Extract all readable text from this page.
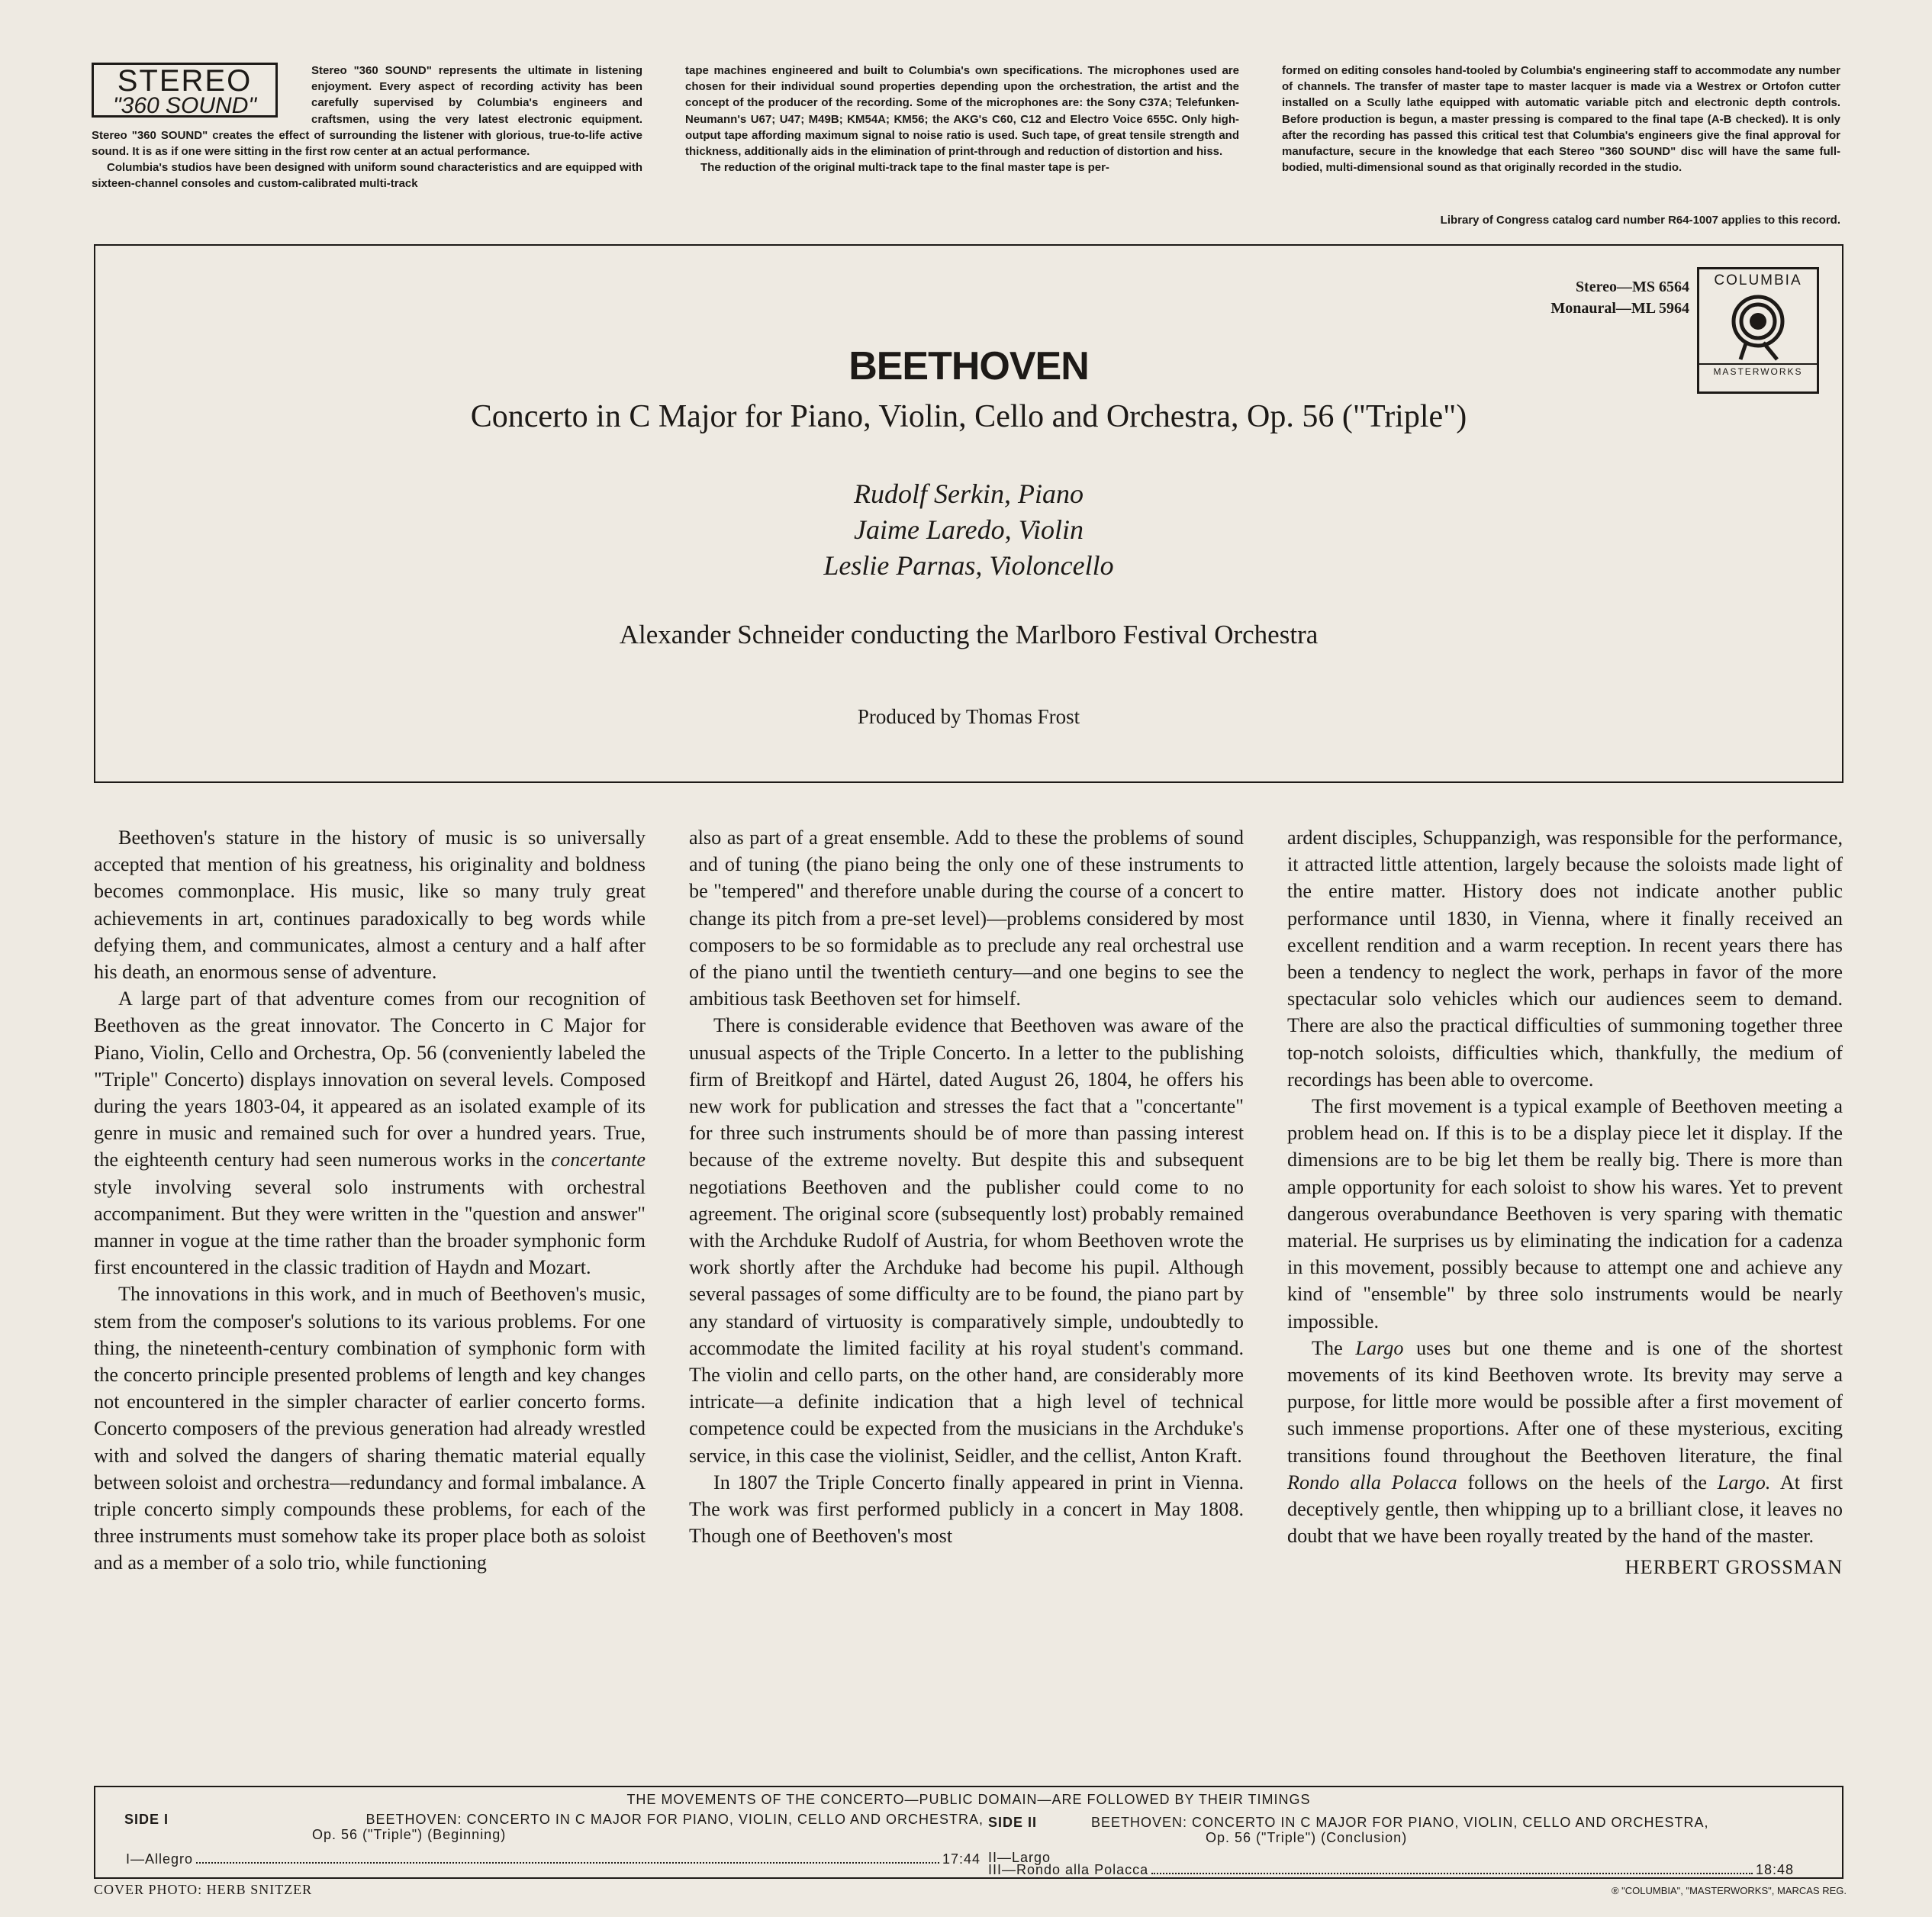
STEREO
"360 SOUND"

Stereo "360 SOUND" represents the ultimate in listening enjoyment. Every aspect of recording activity has been carefully supervised by Columbia's engineers and craftsmen, using the very latest electronic equipment. Stereo "360 SOUND" creates the effect of surrounding the listener with glorious, true-to-life active sound. It is as if one were sitting in the first row center at an actual performance.

Columbia's studios have been designed with uniform sound characteristics and are equipped with sixteen-channel consoles and custom-calibrated multi-track

tape machines engineered and built to Columbia's own specifications. The microphones used are chosen for their individual sound properties depending upon the orchestration, the artist and the concept of the producer of the recording. Some of the microphones are: the Sony C37A; Telefunken-Neumann's U67; U47; M49B; KM54A; KM56; the AKG's C60, C12 and Electro Voice 655C. Only high-output tape affording maximum signal to noise ratio is used. Such tape, of great tensile strength and thickness, additionally aids in the elimination of print-through and reduction of distortion and hiss.

The reduction of the original multi-track tape to the final master tape is per-

formed on editing consoles hand-tooled by Columbia's engineering staff to accommodate any number of channels. The transfer of master tape to master lacquer is made via a Westrex or Ortofon cutter installed on a Scully lathe equipped with automatic variable pitch and electronic depth controls. Before production is begun, a master pressing is compared to the final tape (A-B checked). It is only after the recording has passed this critical test that Columbia's engineers give the final approval for manufacture, secure in the knowledge that each Stereo "360 SOUND" disc will have the same full-bodied, multi-dimensional sound as that originally recorded in the studio.

Library of Congress catalog card number R64-1007 applies to this record.
Stereo—MS 6564
Monaural—ML 5964
COLUMBIA
MASTERWORKS
BEETHOVEN
Concerto in C Major for Piano, Violin, Cello and Orchestra, Op. 56 ("Triple")
Rudolf Serkin, Piano
Jaime Laredo, Violin
Leslie Parnas, Violoncello
Alexander Schneider conducting the Marlboro Festival Orchestra
Produced by Thomas Frost

Beethoven's stature in the history of music is so universally accepted that mention of his greatness, his originality and boldness becomes commonplace. His music, like so many truly great achievements in art, continues paradoxically to beg words while defying them, and communicates, almost a century and a half after his death, an enormous sense of adventure.

A large part of that adventure comes from our recognition of Beethoven as the great innovator. The Concerto in C Major for Piano, Violin, Cello and Orchestra, Op. 56 (conveniently labeled the "Triple" Concerto) displays innovation on several levels. Composed during the years 1803-04, it appeared as an isolated example of its genre in music and remained such for over a hundred years. True, the eighteenth century had seen numerous works in the concertante style involving several solo instruments with orchestral accompaniment. But they were written in the "question and answer" manner in vogue at the time rather than the broader symphonic form first encountered in the classic tradition of Haydn and Mozart.

The innovations in this work, and in much of Beethoven's music, stem from the composer's solutions to its various problems. For one thing, the nineteenth-century combination of symphonic form with the concerto principle presented problems of length and key changes not encountered in the simpler character of earlier concerto forms. Concerto composers of the previous generation had already wrestled with and solved the dangers of sharing thematic material equally between soloist and orchestra—redundancy and formal imbalance. A triple concerto simply compounds these problems, for each of the three instruments must somehow take its proper place both as soloist and as a member of a solo trio, while functioning

also as part of a great ensemble. Add to these the problems of sound and of tuning (the piano being the only one of these instruments to be "tempered" and therefore unable during the course of a concert to change its pitch from a pre-set level)—problems considered by most composers to be so formidable as to preclude any real orchestral use of the piano until the twentieth century—and one begins to see the ambitious task Beethoven set for himself.

There is considerable evidence that Beethoven was aware of the unusual aspects of the Triple Concerto. In a letter to the publishing firm of Breitkopf and Härtel, dated August 26, 1804, he offers his new work for publication and stresses the fact that a "concertante" for three such instruments should be of more than passing interest because of the extreme novelty. But despite this and subsequent negotiations Beethoven and the publisher could come to no agreement. The original score (subsequently lost) probably remained with the Archduke Rudolf of Austria, for whom Beethoven wrote the work shortly after the Archduke had become his pupil. Although several passages of some difficulty are to be found, the piano part by any standard of virtuosity is comparatively simple, undoubtedly to accommodate the limited facility at his royal student's command. The violin and cello parts, on the other hand, are considerably more intricate—a definite indication that a high level of technical competence could be expected from the musicians in the Archduke's service, in this case the violinist, Seidler, and the cellist, Anton Kraft.

In 1807 the Triple Concerto finally appeared in print in Vienna. The work was first performed publicly in a concert in May 1808. Though one of Beethoven's most

ardent disciples, Schuppanzigh, was responsible for the performance, it attracted little attention, largely because the soloists made light of the entire matter. History does not indicate another public performance until 1830, in Vienna, where it finally received an excellent rendition and a warm reception. In recent years there has been a tendency to neglect the work, perhaps in favor of the more spectacular solo vehicles which our audiences seem to demand. There are also the practical difficulties of summoning together three top-notch soloists, difficulties which, thankfully, the medium of recordings has been able to overcome.

The first movement is a typical example of Beethoven meeting a problem head on. If this is to be a display piece let it display. If the dimensions are to be big let them be really big. There is more than ample opportunity for each soloist to show his wares. Yet to prevent dangerous overabundance Beethoven is very sparing with thematic material. He surprises us by eliminating the indication for a cadenza in this movement, possibly because to attempt one and achieve any kind of "ensemble" by three solo instruments would be nearly impossible.

The Largo uses but one theme and is one of the shortest movements of its kind Beethoven wrote. Its brevity may serve a purpose, for little more would be possible after a first movement of such immense proportions. After one of these mysterious, exciting transitions found throughout the Beethoven literature, the final Rondo alla Polacca follows on the heels of the Largo. At first deceptively gentle, then whipping up to a brilliant close, it leaves no doubt that we have been royally treated by the hand of the master.

HERBERT GROSSMAN
THE MOVEMENTS OF THE CONCERTO—PUBLIC DOMAIN—ARE FOLLOWED BY THEIR TIMINGS
SIDE I	BEETHOVEN: CONCERTO IN C MAJOR FOR PIANO, VIOLIN, CELLO AND ORCHESTRA,
Op. 56 ("Triple") (Beginning)
I—Allegro	17:44
SIDE II	BEETHOVEN: CONCERTO IN C MAJOR FOR PIANO, VIOLIN, CELLO AND ORCHESTRA,
Op. 56 ("Triple") (Conclusion)
II—Largo
III—Rondo alla Polacca	18:48
COVER PHOTO: HERB SNITZER	® "COLUMBIA", "MASTERWORKS", MARCAS REG.
